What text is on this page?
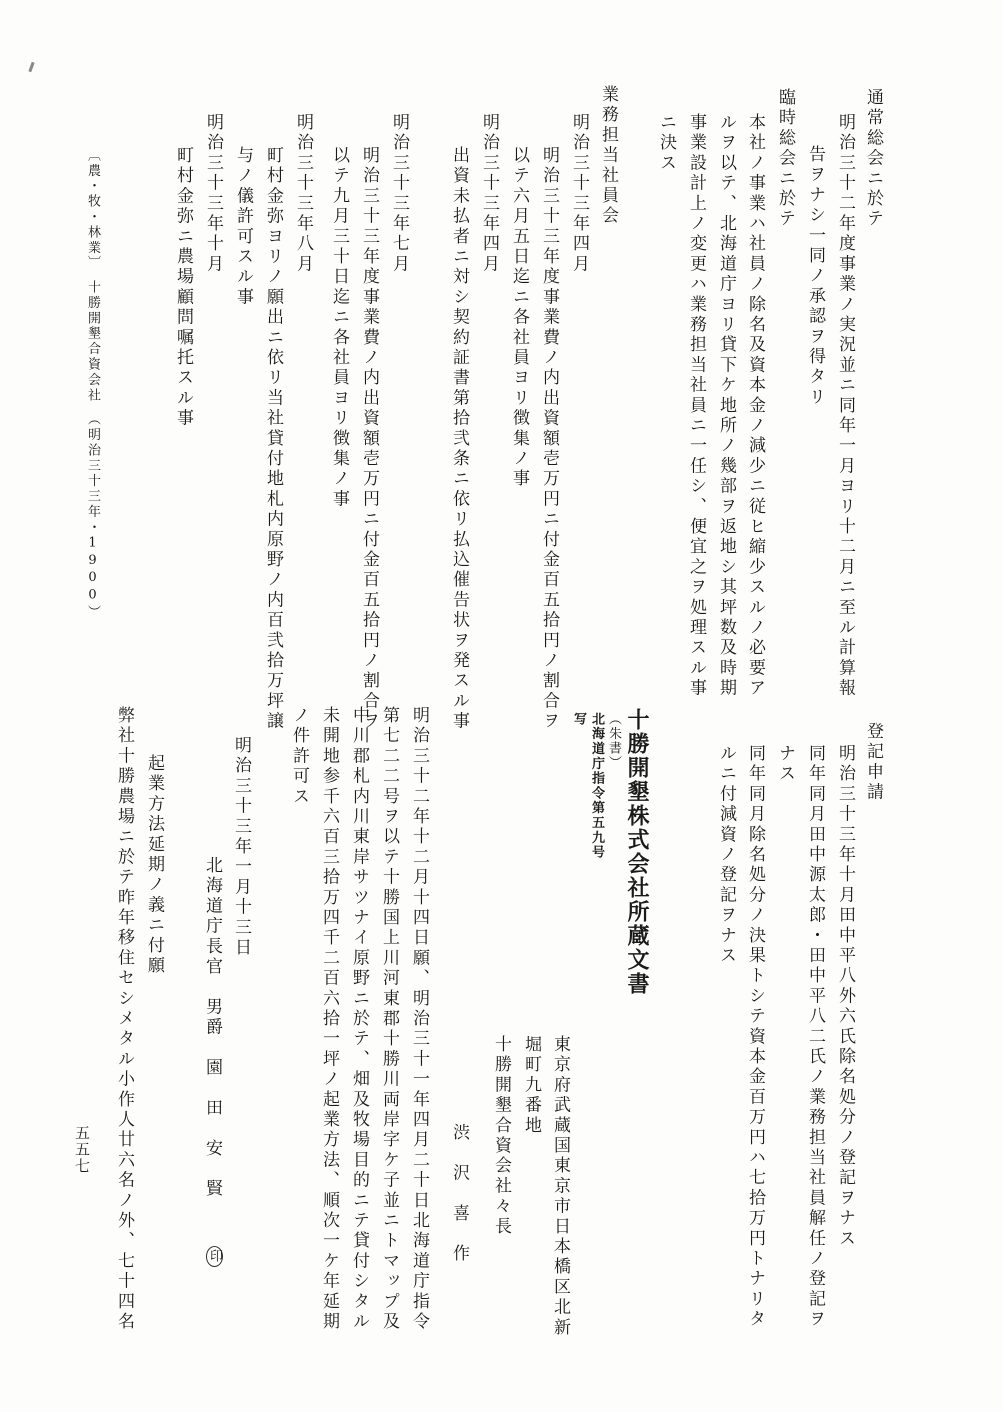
通常総会ニ於テ
明治三十二年度事業ノ実況並ニ同年一月ヨリ十二月ニ至ル計算報
告ヲナシ一同ノ承認ヲ得タリ
臨時総会ニ於テ
本社ノ事業ハ社員ノ除名及資本金ノ減少ニ従ヒ縮少スルノ必要ア
ルヲ以テ、北海道庁ヨリ貸下ケ地所ノ幾部ヲ返地シ其坪数及時期
事業設計上ノ変更ハ業務担当社員ニ一任シ、便宜之ヲ処理スル事
ニ決ス
業務担当社員会
明治三十三年四月
明治三十三年度事業費ノ内出資額壱万円ニ付金百五拾円ノ割合ヲ
以テ六月五日迄ニ各社員ヨリ徴集ノ事
明治三十三年四月
出資未払者ニ対シ契約証書第拾弐条ニ依リ払込催告状ヲ発スル事
明治三十三年七月
明治三十三年度事業費ノ内出資額壱万円ニ付金百五拾円ノ割合ヲ
以テ九月三十日迄ニ各社員ヨリ徴集ノ事
明治三十三年八月
町村金弥ヨリノ願出ニ依リ当社貸付地札内原野ノ内百弐拾万坪譲
与ノ儀許可スル事
明治三十三年十月
町村金弥ニ農場顧問嘱托スル事
〔農・牧・林業〕　十勝開墾合資会社　（明治三十三年・1900）
登記申請
明治三十三年十月田中平八外六氏除名処分ノ登記ヲナス
同年同月田中源太郎・田中平八二氏ノ業務担当社員解任ノ登記ヲ
ナス
同年同月除名処分ノ決果トシテ資本金百万円ハ七拾万円トナリタ
ルニ付減資ノ登記ヲナス
十勝開墾株式会社所蔵文書
（朱書）
北海道庁指令第五九号
写
東京府武蔵国東京市日本橋区北新
堀町九番地
十勝開墾合資会社々長
渋　沢　喜　作
明治三十二年十二月十四日願、明治三十一年四月二十日北海道庁指令
第七二二号ヲ以テ十勝国上川河東郡十勝川両岸字ケ子並ニトマップ及
中川郡札内川東岸サツナイ原野ニ於テ、畑及牧場目的ニテ貸付シタル
未開地参千六百三拾万四千二百六拾一坪ノ起業方法、順次一ケ年延期
ノ件許可ス
明治三十三年一月十三日
北海道庁長官　男爵　園　田　安　賢
印
起業方法延期ノ義ニ付願
弊社十勝農場ニ於テ昨年移住セシメタル小作人廿六名ノ外、七十四名
五五七
